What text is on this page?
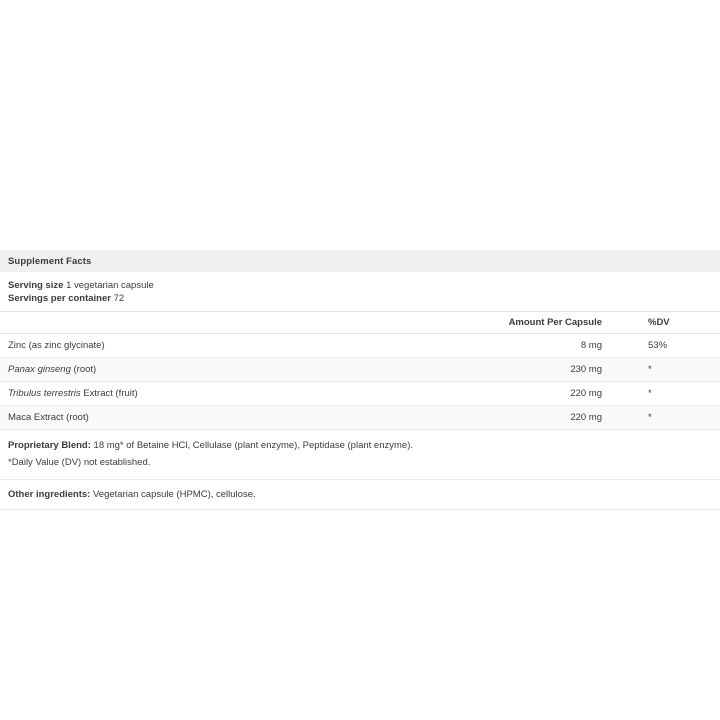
Supplement Facts
Serving size 1 vegetarian capsule
Servings per container 72
	Amount Per Capsule	%DV
Zinc (as zinc glycinate)	8 mg	53%
Panax ginseng (root)	230 mg	*
Tribulus terrestris Extract (fruit)	220 mg	*
Maca Extract (root)	220 mg	*
Proprietary Blend: 18 mg* of Betaine HCl, Cellulase (plant enzyme), Peptidase (plant enzyme).
*Daily Value (DV) not established.
Other ingredients: Vegetarian capsule (HPMC), cellulose.
